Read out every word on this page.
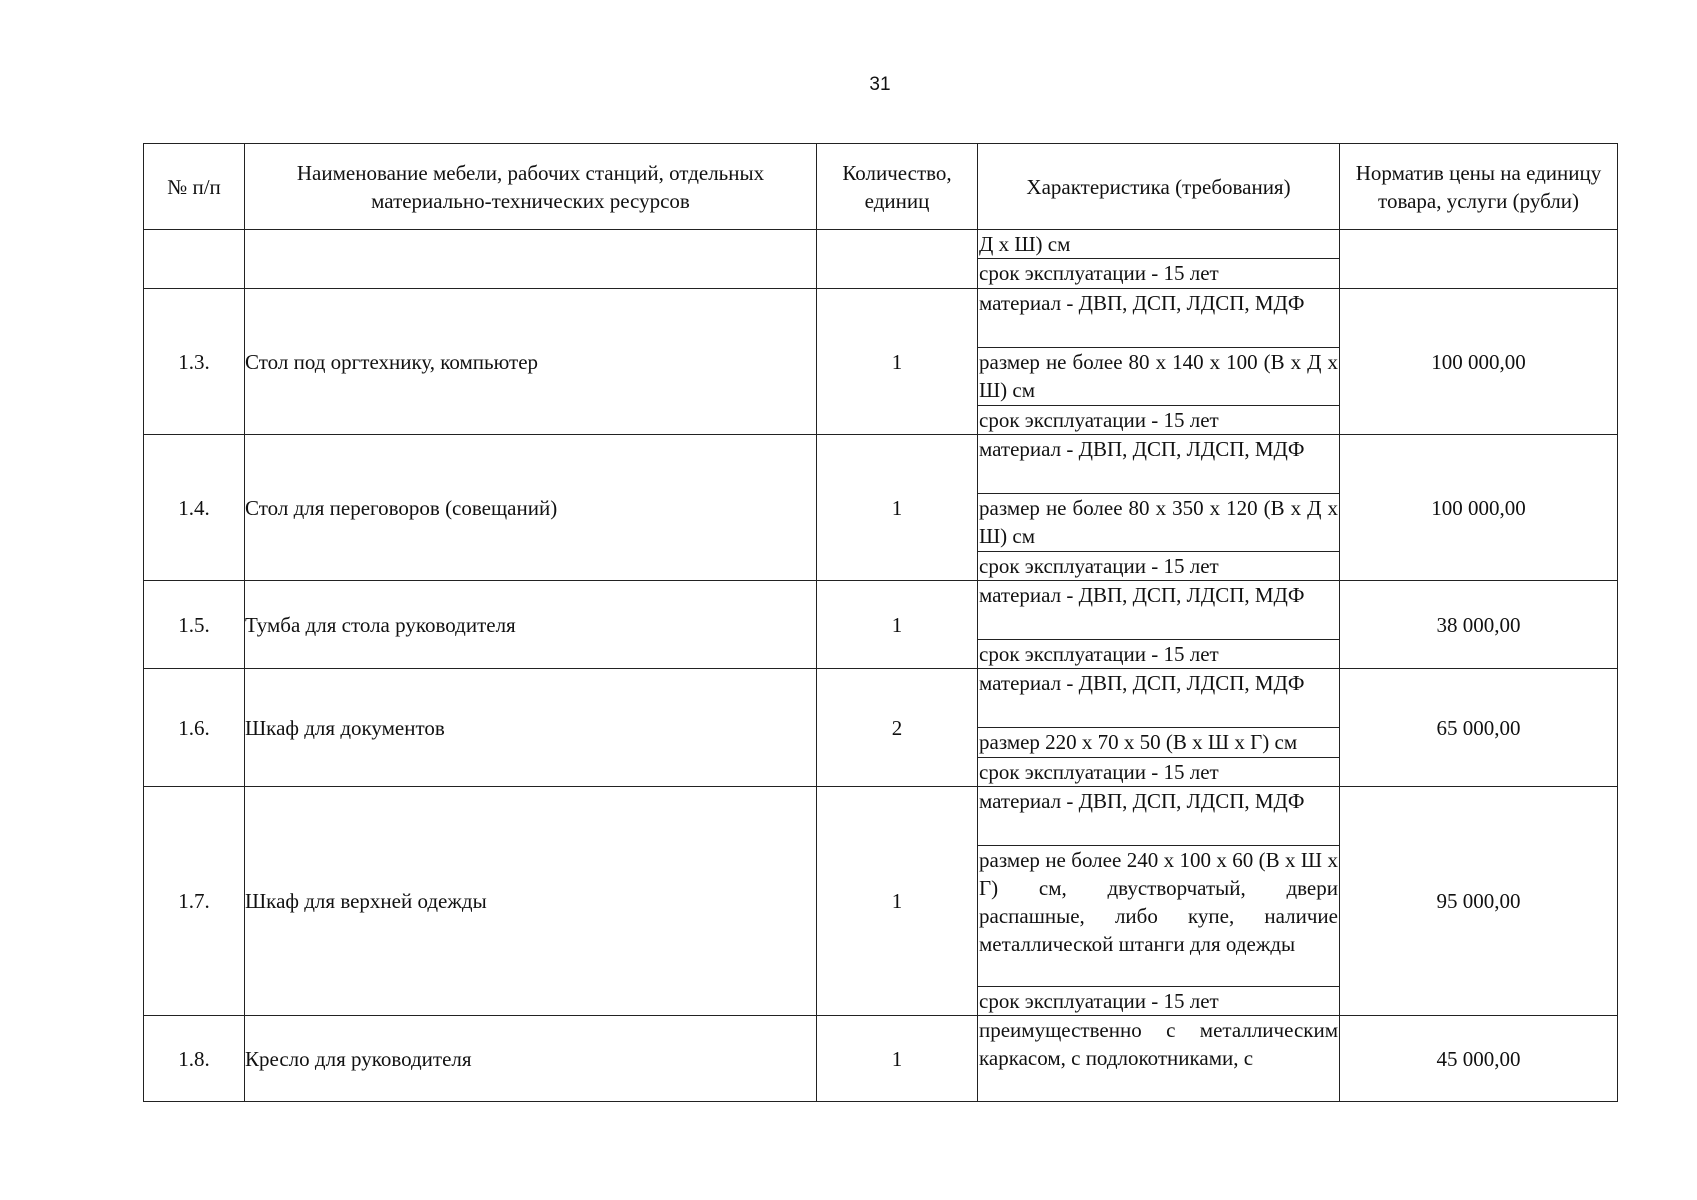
31
№ п/п	Наименование мебели, рабочих станций, отдельных материально-технических ресурсов	Количество, единиц	Характеристика (требования)	Норматив цены на единицу товара, услуги (рубли)

			Д х Ш) см
срок эксплуатации - 15 лет	

1.3.	Стол под оргтехнику, компьютер	1	материал - ДВП, ДСП, ЛДСП, МДФ
размер не более 80 х 140 х 100 (В х Д х Ш) см
срок эксплуатации - 15 лет	100 000,00
1.4.	Стол для переговоров (совещаний)	1	материал - ДВП, ДСП, ЛДСП, МДФ
размер не более 80 х 350 х 120 (В х Д х Ш) см
срок эксплуатации - 15 лет	100 000,00
1.5.	Тумба для стола руководителя	1	материал - ДВП, ДСП, ЛДСП, МДФ
срок эксплуатации - 15 лет	38 000,00
1.6.	Шкаф для документов	2	материал - ДВП, ДСП, ЛДСП, МДФ
размер 220 х 70 х 50 (В х Ш х Г) см
срок эксплуатации - 15 лет	65 000,00
1.7.	Шкаф для верхней одежды	1	материал - ДВП, ДСП, ЛДСП, МДФ
размер не более 240 х 100 х 60 (В х Ш х Г) см, двустворчатый, двери распашные, либо купе, наличие металлической штанги для одежды
срок эксплуатации - 15 лет	95 000,00
1.8.	Кресло для руководителя	1	преимущественно с металлическим каркасом, с подлокотниками, с	45 000,00
